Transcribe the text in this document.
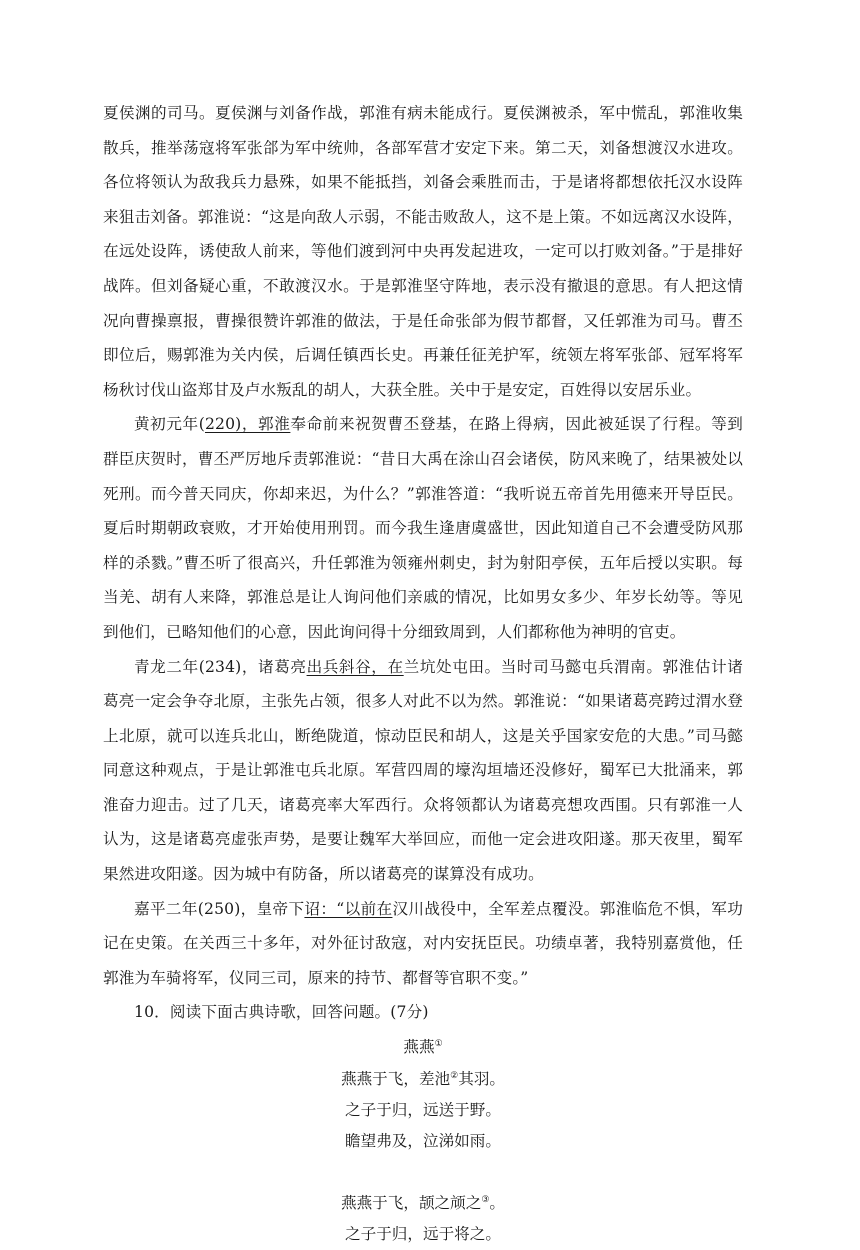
夏侯渊的司马。夏侯渊与刘备作战，郭淮有病未能成行。夏侯渊被杀，军中慌乱，郭淮收集散兵，推举荡寇将军张郃为军中统帅，各部军营才安定下来。第二天，刘备想渡汉水进攻。各位将领认为敌我兵力悬殊，如果不能抵挡，刘备会乘胜而击，于是诸将都想依托汉水设阵来狙击刘备。郭淮说：“这是向敌人示弱，不能击败敌人，这不是上策。不如远离汉水设阵，在远处设阵，诱使敌人前来，等他们渡到河中央再发起进攻，一定可以打败刘备。”于是排好战阵。但刘备疑心重，不敢渡汉水。于是郭淮坚守阵地，表示没有撤退的意思。有人把这情况向曹操禀报，曹操很赞许郭淮的做法，于是任命张郃为假节都督，又任郭淮为司马。曹丕即位后，赐郭淮为关内侯，后调任镇西长史。再兼任征羌护军，统领左将军张郃、冠军将军杨秋讨伐山盗郑甘及卢水叛乱的胡人，大获全胜。关中于是安定，百姓得以安居乐业。

黄初元年(220)，郭淮奉命前来祝贺曹丕登基，在路上得病，因此被延误了行程。等到群臣庆贺时，曹丕严厉地斥责郭淮说：“昔日大禹在涂山召会诸侯，防风来晚了，结果被处以死刑。而今普天同庆，你却来迟，为什么？”郭淮答道：“我听说五帝首先用德来开导臣民。夏后时期朝政衰败，才开始使用刑罚。而今我生逢唐虞盛世，因此知道自己不会遭受防风那样的杀戮。”曹丕听了很高兴，升任郭淮为领雍州刺史，封为射阳亭侯，五年后授以实职。每当羌、胡有人来降，郭淮总是让人询问他们亲戚的情况，比如男女多少、年岁长幼等。等见到他们，已略知他们的心意，因此询问得十分细致周到，人们都称他为神明的官吏。

青龙二年(234)，诸葛亮出兵斜谷，在兰坑处屯田。当时司马懿屯兵渭南。郭淮估计诸葛亮一定会争夺北原，主张先占领，很多人对此不以为然。郭淮说：“如果诸葛亮跨过渭水登上北原，就可以连兵北山，断绝陇道，惊动臣民和胡人，这是关乎国家安危的大患。”司马懿同意这种观点，于是让郭淮屯兵北原。军营四周的壕沟垣墙还没修好，蜀军已大批涌来，郭淮奋力迎击。过了几天，诸葛亮率大军西行。众将领都认为诸葛亮想攻西围。只有郭淮一人认为，这是诸葛亮虚张声势，是要让魏军大举回应，而他一定会进攻阳遂。那天夜里，蜀军果然进攻阳遂。因为城中有防备，所以诸葛亮的谋算没有成功。

嘉平二年(250)，皇帝下诏：“以前在汉川战役中，全军差点覆没。郭淮临危不惧，军功记在史策。在关西三十多年，对外征讨敌寇，对内安抚臣民。功绩卓著，我特别嘉赏他，任郭淮为车骑将军，仪同三司，原来的持节、都督等官职不变。”

10．阅读下面古典诗歌，回答问题。(7分)

燕燕①

燕燕于飞，差池②其羽。

之子于归，远送于野。

瞻望弗及，泣涕如雨。

燕燕于飞，颉之颃之③。

之子于归，远于将之。
